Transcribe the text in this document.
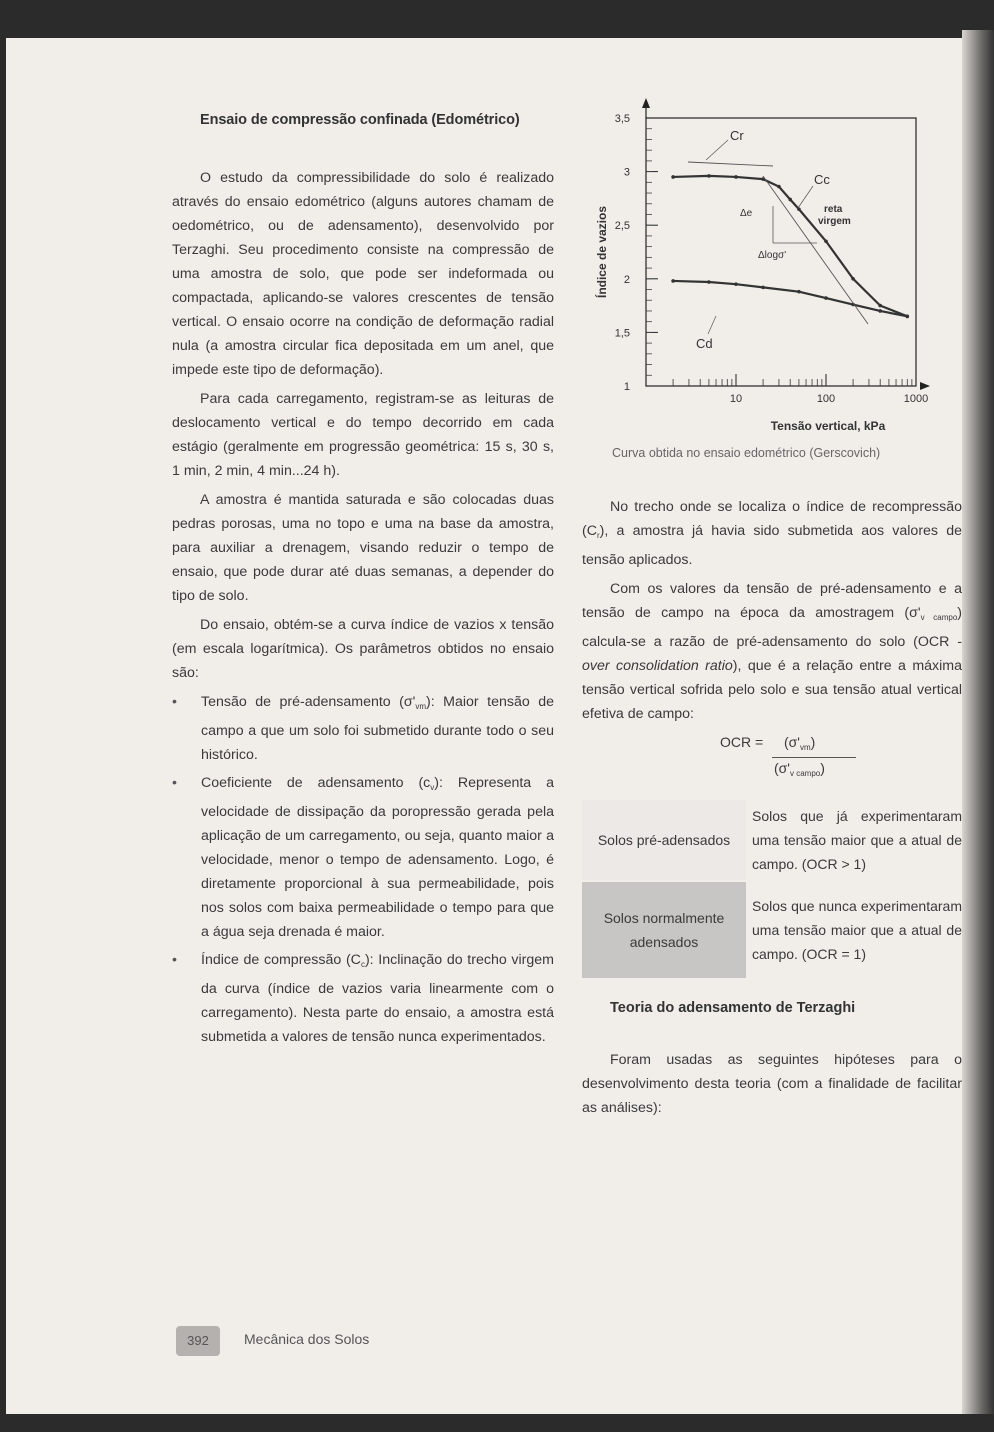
Ensaio de compressão confinada (Edométrico)

O estudo da compressibilidade do solo é realizado através do ensaio edométrico (alguns autores chamam de oedométrico, ou de adensamento), desenvolvido por Terzaghi. Seu procedimento consiste na compressão de uma amostra de solo, que pode ser indeformada ou compactada, aplicando-se valores crescentes de tensão vertical. O ensaio ocorre na condição de deformação radial nula (a amostra circular fica depositada em um anel, que impede este tipo de deformação).

Para cada carregamento, registram-se as leituras de deslocamento vertical e do tempo decorrido em cada estágio (geralmente em progressão geométrica: 15 s, 30 s, 1 min, 2 min, 4 min...24 h).

A amostra é mantida saturada e são colocadas duas pedras porosas, uma no topo e uma na base da amostra, para auxiliar a drenagem, visando reduzir o tempo de ensaio, que pode durar até duas semanas, a depender do tipo de solo.

Do ensaio, obtém-se a curva índice de vazios x tensão (em escala logarítmica). Os parâmetros obtidos no ensaio são:

• Tensão de pré-adensamento $(\sigma'_{vm})$: Maior tensão de campo a que um solo foi submetido durante todo o seu histórico.
• Coeficiente de adensamento $(c_v)$: Representa a velocidade de dissipação da poropressão gerada pela aplicação de um carregamento, ou seja, quanto maior a velocidade, menor o tempo de adensamento. Logo, é diretamente proporcional à sua permeabilidade, pois nos solos com baixa permeabilidade o tempo para que a água seja drenada é maior.
• Índice de compressão $(C_c)$: Inclinação do trecho virgem da curva (índice de vazios varia linearmente com o carregamento). Nesta parte do ensaio, a amostra está submetida a valores de tensão nunca experimentados.
3,5
3
2,5
2
1,5
1
10	100	1000
Cr
Cc
Δe	reta
virgem
Δlogσ'
Cd
Tensão vertical, kPa
Índice de vazios
Curva obtida no ensaio edométrico (Gerscovich)

No trecho onde se localiza o índice de recompressão $(C_r)$, a amostra já havia sido submetida aos valores de tensão aplicados.

Com os valores da tensão de pré-adensamento e a tensão de campo na época da amostragem $(\sigma'_{v campo})$ calcula-se a razão de pré-adensamento do solo (OCR - over consolidation ratio), que é a relação entre a máxima tensão vertical sofrida pelo solo e sua tensão atual vertical efetiva de campo:

OCR = $(\sigma'_{vm})$
$(\sigma'_{v campo})$
Solos pré-adensados	Solos que já experimentaram uma tensão maior que a atual de campo. (OCR > 1)
Solos normalmente adensados	Solos que nunca experimentaram uma tensão maior que a atual de campo. (OCR = 1)
Teoria do adensamento de Terzaghi

Foram usadas as seguintes hipóteses para o desenvolvimento desta teoria (com a finalidade de facilitar as análises):

392	Mecânica dos Solos
